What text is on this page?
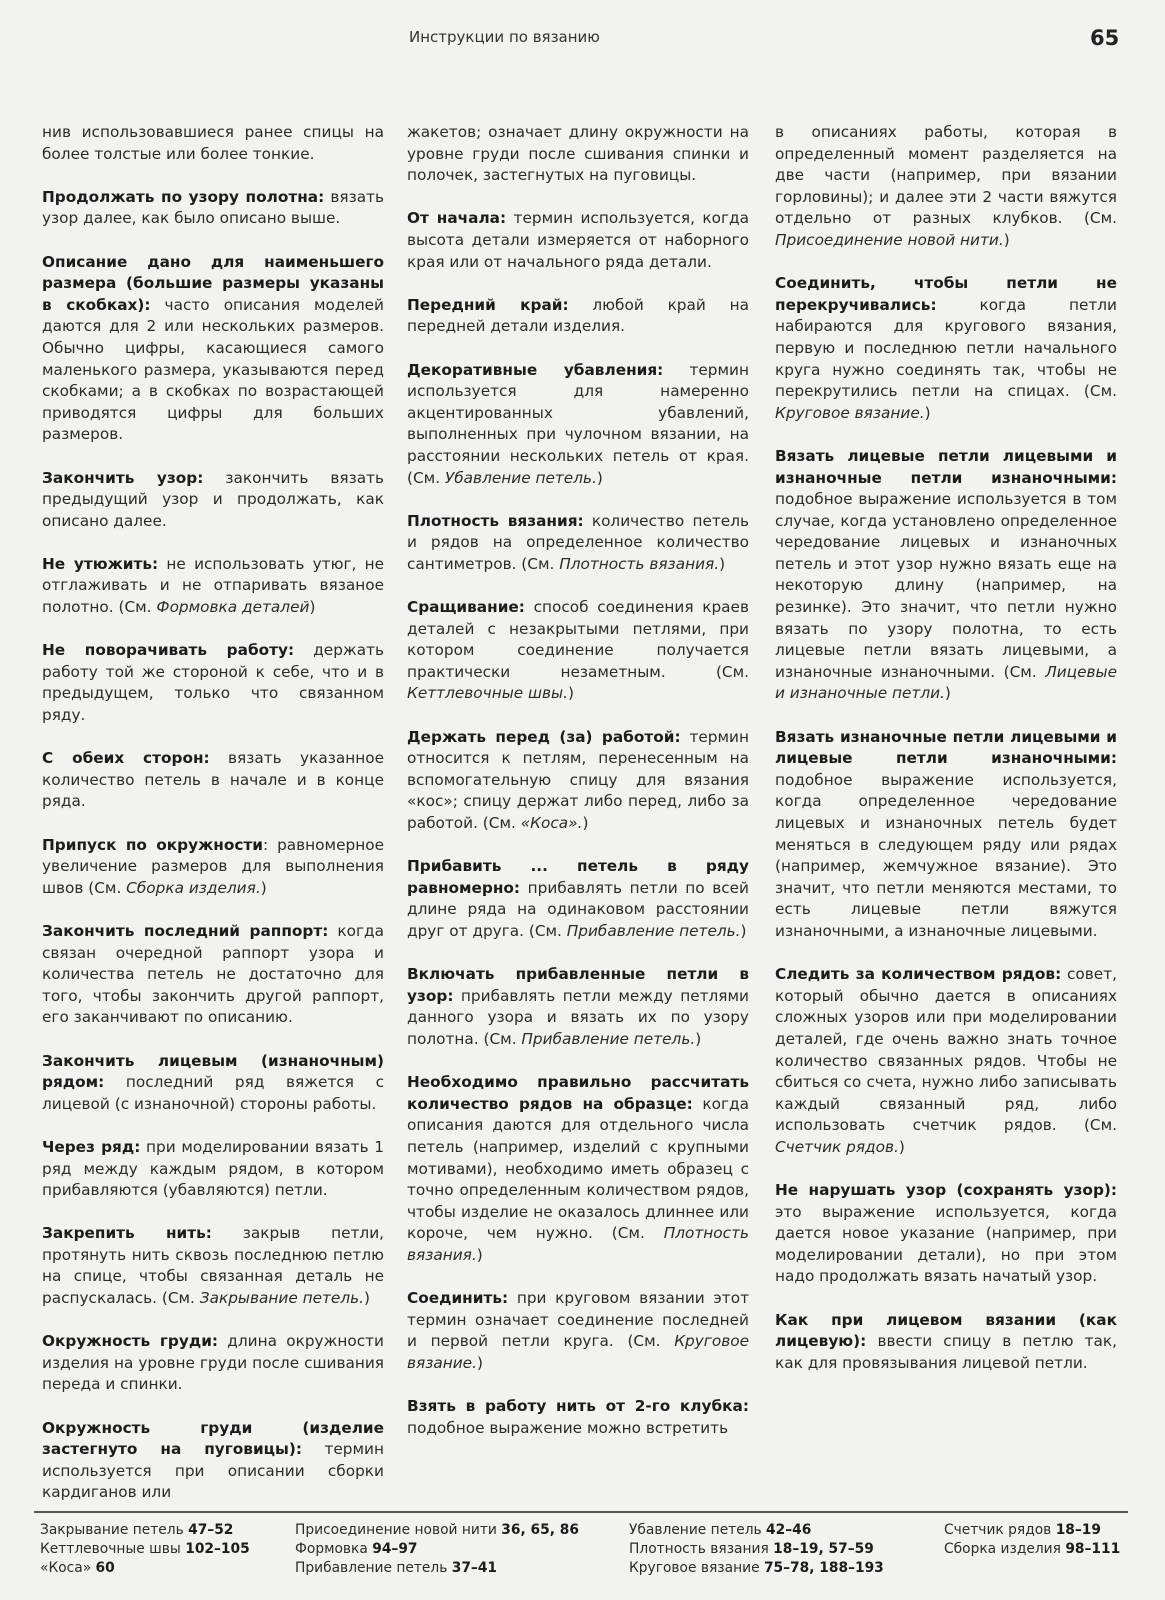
Инструкции по вязанию	65

нив использовавшиеся ранее спицы на более толстые или более тонкие.

Продолжать по узору полотна: вязать узор далее, как было описано выше.

Описание дано для наименьшего размера (большие размеры указаны в скобках): часто описания моделей даются для 2 или нескольких размеров. Обычно цифры, касающиеся самого маленького размера, указываются перед скобками; а в скобках по возрастающей приводятся цифры для больших размеров.

Закончить узор: закончить вязать предыдущий узор и продолжать, как описано далее.

Не утюжить: не использовать утюг, не отглаживать и не отпаривать вязаное полотно. (См. Формовка деталей)

Не поворачивать работу: держать работу той же стороной к себе, что и в предыдущем, только что связанном ряду.

С обеих сторон: вязать указанное количество петель в начале и в конце ряда.

Припуск по окружности: равномерное увеличение размеров для выполнения швов (См. Сборка изделия.)

Закончить последний раппорт: когда связан очередной раппорт узора и количества петель не достаточно для того, чтобы закончить другой раппорт, его заканчивают по описанию.

Закончить лицевым (изнаночным) рядом: последний ряд вяжется с лицевой (с изнаночной) стороны работы.

Через ряд: при моделировании вязать 1 ряд между каждым рядом, в котором прибавляются (убавляются) петли.

Закрепить нить: закрыв петли, протянуть нить сквозь последнюю петлю на спице, чтобы связанная деталь не распускалась. (См. Закрывание петель.)

Окружность груди: длина окружности изделия на уровне груди после сшивания переда и спинки.

Окружность груди (изделие застегнуто на пуговицы): термин используется при описании сборки кардиганов или

жакетов; означает длину окружности на уровне груди после сшивания спинки и полочек, застегнутых на пуговицы.

От начала: термин используется, когда высота детали измеряется от наборного края или от начального ряда детали.

Передний край: любой край на передней детали изделия.

Декоративные убавления: термин используется для намеренно акцентированных убавлений, выполненных при чулочном вязании, на расстоянии нескольких петель от края. (См. Убавление петель.)

Плотность вязания: количество петель и рядов на определенное количество сантиметров. (См. Плотность вязания.)

Сращивание: способ соединения краев деталей с незакрытыми петлями, при котором соединение получается практически незаметным. (См. Кеттлевочные швы.)

Держать перед (за) работой: термин относится к петлям, перенесенным на вспомогательную спицу для вязания «кос»; спицу держат либо перед, либо за работой. (См. «Коса».)

Прибавить ... петель в ряду равномерно: прибавлять петли по всей длине ряда на одинаковом расстоянии друг от друга. (См. Прибавление петель.)

Включать прибавленные петли в узор: прибавлять петли между петлями данного узора и вязать их по узору полотна. (См. Прибавление петель.)

Необходимо правильно рассчитать количество рядов на образце: когда описания даются для отдельного числа петель (например, изделий с крупными мотивами), необходимо иметь образец с точно определенным количеством рядов, чтобы изделие не оказалось длиннее или короче, чем нужно. (См. Плотность вязания.)

Соединить: при круговом вязании этот термин означает соединение последней и первой петли круга. (См. Круговое вязание.)

Взять в работу нить от 2-го клубка: подобное выражение можно встретить

в описаниях работы, которая в определенный момент разделяется на две части (например, при вязании горловины); и далее эти 2 части вяжутся отдельно от разных клубков. (См. Присоединение новой нити.)

Соединить, чтобы петли не перекручивались: когда петли набираются для кругового вязания, первую и последнюю петли начального круга нужно соединять так, чтобы не перекрутились петли на спицах. (См. Круговое вязание.)

Вязать лицевые петли лицевыми и изнаночные петли изнаночными: подобное выражение используется в том случае, когда установлено определенное чередование лицевых и изнаночных петель и этот узор нужно вязать еще на некоторую длину (например, на резинке). Это значит, что петли нужно вязать по узору полотна, то есть лицевые петли вязать лицевыми, а изнаночные изнаночными. (См. Лицевые и изнаночные петли.)

Вязать изнаночные петли лицевыми и лицевые петли изнаночными: подобное выражение используется, когда определенное чередование лицевых и изнаночных петель будет меняться в следующем ряду или рядах (например, жемчужное вязание). Это значит, что петли меняются местами, то есть лицевые петли вяжутся изнаночными, а изнаночные лицевыми.

Следить за количеством рядов: совет, который обычно дается в описаниях сложных узоров или при моделировании деталей, где очень важно знать точное количество связанных рядов. Чтобы не сбиться со счета, нужно либо записывать каждый связанный ряд, либо использовать счетчик рядов. (См. Счетчик рядов.)

Не нарушать узор (сохранять узор): это выражение используется, когда дается новое указание (например, при моделировании детали), но при этом надо продолжать вязать начатый узор.

Как при лицевом вязании (как лицевую): ввести спицу в петлю так, как для провязывания лицевой петли.

Закрывание петель 47–52
Кеттлевочные швы 102–105
«Коса» 60
Присоединение новой нити 36, 65, 86
Формовка 94–97
Прибавление петель 37–41
Убавление петель 42–46
Плотность вязания 18–19, 57–59
Круговое вязание 75–78, 188–193
Счетчик рядов 18–19
Сборка изделия 98–111
